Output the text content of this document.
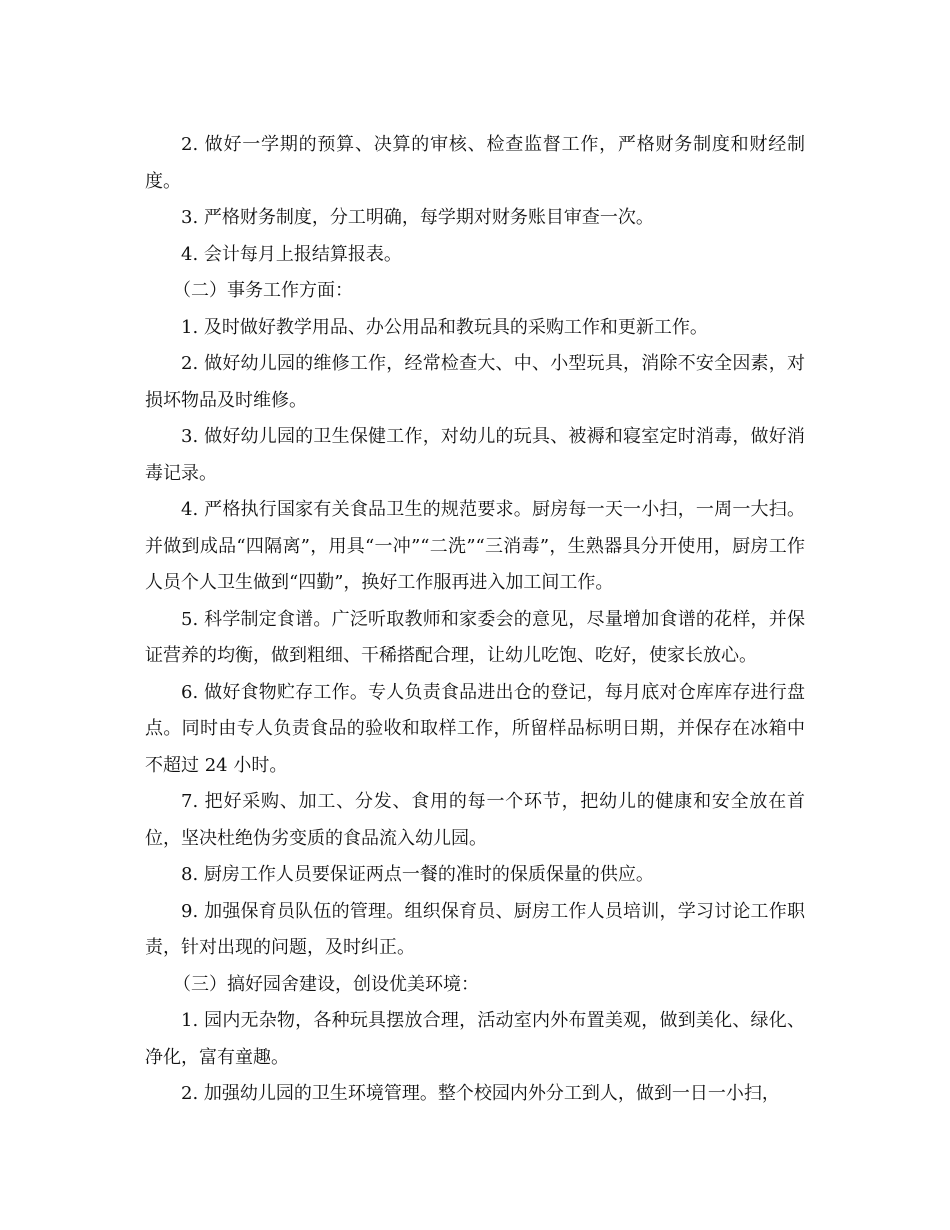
2. 做好一学期的预算、决算的审核、检查监督工作，严格财务制度和财经制度。

3. 严格财务制度，分工明确，每学期对财务账目审查一次。

4. 会计每月上报结算报表。

（二）事务工作方面：

1. 及时做好教学用品、办公用品和教玩具的采购工作和更新工作。

2. 做好幼儿园的维修工作，经常检查大、中、小型玩具，消除不安全因素，对损坏物品及时维修。

3. 做好幼儿园的卫生保健工作，对幼儿的玩具、被褥和寝室定时消毒，做好消毒记录。

4. 严格执行国家有关食品卫生的规范要求。厨房每一天一小扫，一周一大扫。并做到成品“四隔离”，用具“一冲”“二洗”“三消毒”，生熟器具分开使用，厨房工作人员个人卫生做到“四勤”，换好工作服再进入加工间工作。

5. 科学制定食谱。广泛听取教师和家委会的意见，尽量增加食谱的花样，并保证营养的均衡，做到粗细、干稀搭配合理，让幼儿吃饱、吃好，使家长放心。

6. 做好食物贮存工作。专人负责食品进出仓的登记，每月底对仓库库存进行盘点。同时由专人负责食品的验收和取样工作，所留样品标明日期，并保存在冰箱中不超过 24 小时。

7. 把好采购、加工、分发、食用的每一个环节，把幼儿的健康和安全放在首位，坚决杜绝伪劣变质的食品流入幼儿园。

8. 厨房工作人员要保证两点一餐的准时的保质保量的供应。

9. 加强保育员队伍的管理。组织保育员、厨房工作人员培训，学习讨论工作职责，针对出现的问题，及时纠正。

（三）搞好园舍建设，创设优美环境：

1. 园内无杂物，各种玩具摆放合理，活动室内外布置美观，做到美化、绿化、净化，富有童趣。

2. 加强幼儿园的卫生环境管理。整个校园内外分工到人，做到一日一小扫，
